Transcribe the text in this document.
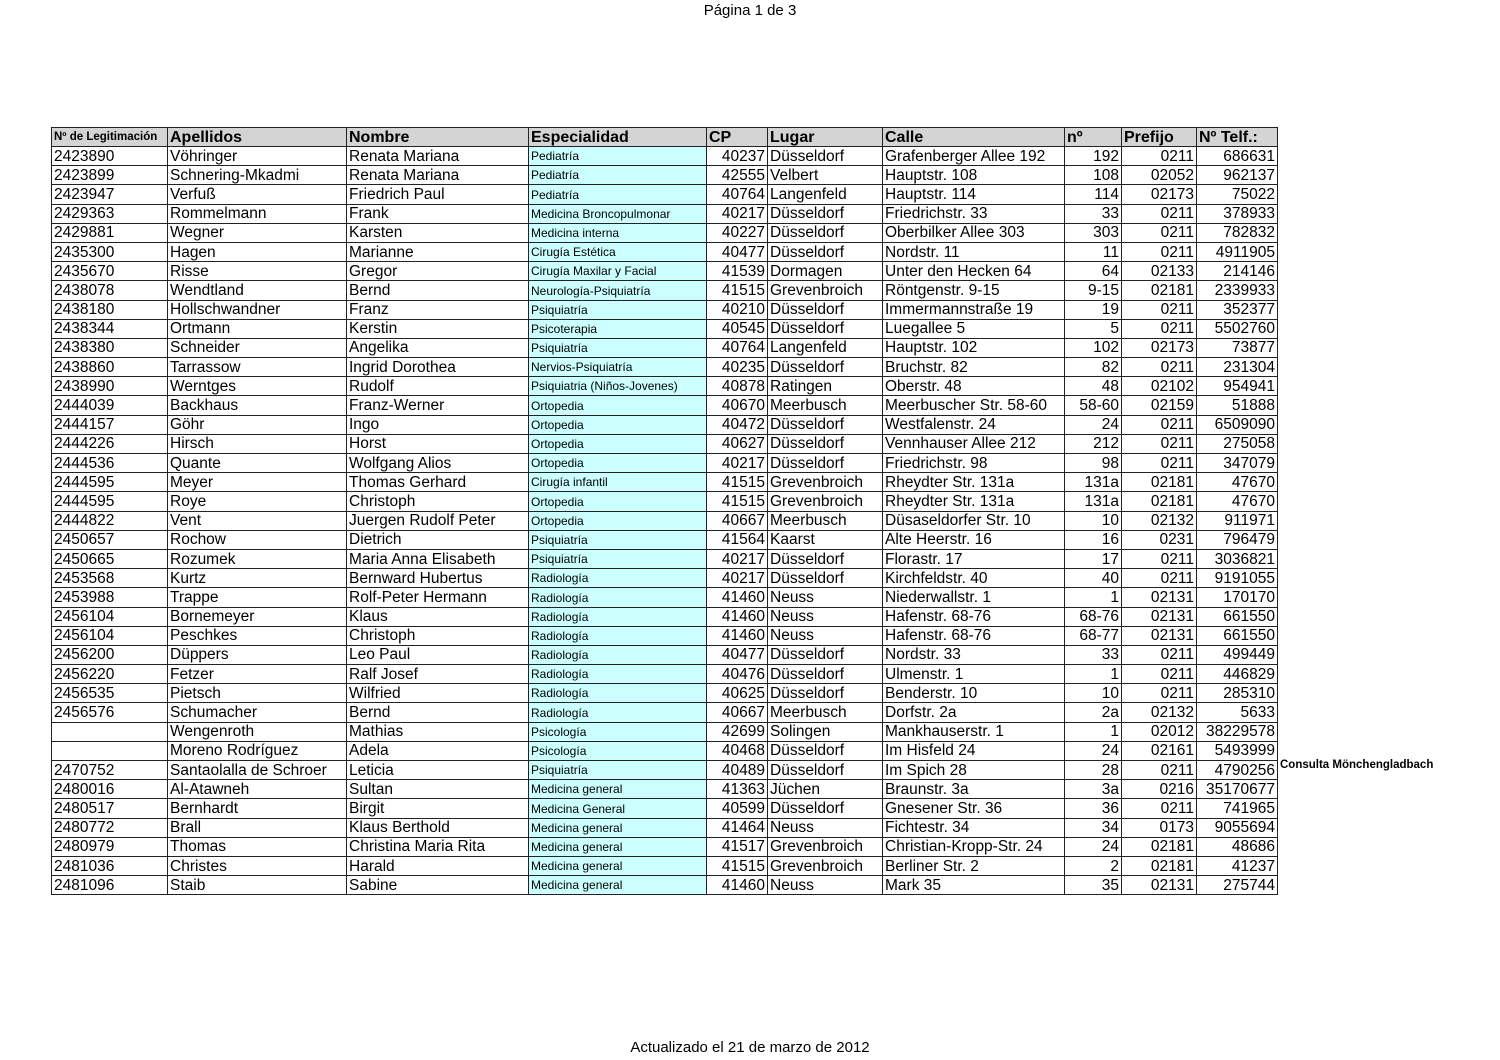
Página 1 de 3
Nº de Legitimación	Apellidos	Nombre	Especialidad	CP	Lugar	Calle	nº	Prefijo	Nº Telf.:
2423890	Vöhringer	Renata Mariana	Pediatría	40237	Düsseldorf	Grafenberger Allee 192	192	0211	686631
2423899	Schnering-Mkadmi	Renata Mariana	Pediatría	42555	Velbert	Hauptstr. 108	108	02052	962137
2423947	Verfuß	Friedrich Paul	Pediatría	40764	Langenfeld	Hauptstr. 114	114	02173	75022
2429363	Rommelmann	Frank	Medicina Broncopulmonar	40217	Düsseldorf	Friedrichstr. 33	33	0211	378933
2429881	Wegner	Karsten	Medicina interna	40227	Düsseldorf	Oberbilker Allee 303	303	0211	782832
2435300	Hagen	Marianne	Cirugía Estética	40477	Düsseldorf	Nordstr. 11	11	0211	4911905
2435670	Risse	Gregor	Cirugía Maxilar y Facial	41539	Dormagen	Unter den Hecken 64	64	02133	214146
2438078	Wendtland	Bernd	Neurología-Psiquiatría	41515	Grevenbroich	Röntgenstr. 9-15	9-15	02181	2339933
2438180	Hollschwandner	Franz	Psiquiatría	40210	Düsseldorf	Immermannstraße 19	19	0211	352377
2438344	Ortmann	Kerstin	Psicoterapia	40545	Düsseldorf	Luegallee 5	5	0211	5502760
2438380	Schneider	Angelika	Psiquiatría	40764	Langenfeld	Hauptstr. 102	102	02173	73877
2438860	Tarrassow	Ingrid Dorothea	Nervios-Psiquiatría	40235	Düsseldorf	Bruchstr. 82	82	0211	231304
2438990	Werntges	Rudolf	Psiquiatria (Niños-Jovenes)	40878	Ratingen	Oberstr. 48	48	02102	954941
2444039	Backhaus	Franz-Werner	Ortopedia	40670	Meerbusch	Meerbuscher Str. 58-60	58-60	02159	51888
2444157	Göhr	Ingo	Ortopedia	40472	Düsseldorf	Westfalenstr. 24	24	0211	6509090
2444226	Hirsch	Horst	Ortopedia	40627	Düsseldorf	Vennhauser Allee 212	212	0211	275058
2444536	Quante	Wolfgang Alios	Ortopedia	40217	Düsseldorf	Friedrichstr. 98	98	0211	347079
2444595	Meyer	Thomas Gerhard	Cirugía infantil	41515	Grevenbroich	Rheydter Str. 131a	131a	02181	47670
2444595	Roye	Christoph	Ortopedia	41515	Grevenbroich	Rheydter Str. 131a	131a	02181	47670
2444822	Vent	Juergen Rudolf Peter	Ortopedia	40667	Meerbusch	Düsaseldorfer Str. 10	10	02132	911971
2450657	Rochow	Dietrich	Psiquiatría	41564	Kaarst	Alte Heerstr. 16	16	0231	796479
2450665	Rozumek	Maria Anna Elisabeth	Psiquiatría	40217	Düsseldorf	Florastr. 17	17	0211	3036821
2453568	Kurtz	Bernward Hubertus	Radiología	40217	Düsseldorf	Kirchfeldstr. 40	40	0211	9191055
2453988	Trappe	Rolf-Peter Hermann	Radiología	41460	Neuss	Niederwallstr. 1	1	02131	170170
2456104	Bornemeyer	Klaus	Radiología	41460	Neuss	Hafenstr. 68-76	68-76	02131	661550
2456104	Peschkes	Christoph	Radiología	41460	Neuss	Hafenstr. 68-76	68-77	02131	661550
2456200	Düppers	Leo Paul	Radiología	40477	Düsseldorf	Nordstr. 33	33	0211	499449
2456220	Fetzer	Ralf Josef	Radiología	40476	Düsseldorf	Ulmenstr. 1	1	0211	446829
2456535	Pietsch	Wilfried	Radiología	40625	Düsseldorf	Benderstr. 10	10	0211	285310
2456576	Schumacher	Bernd	Radiología	40667	Meerbusch	Dorfstr. 2a	2a	02132	5633
	Wengenroth	Mathias	Psicología	42699	Solingen	Mankhauserstr. 1	1	02012	38229578
	Moreno Rodríguez	Adela	Psicología	40468	Düsseldorf	Im Hisfeld 24	24	02161	5493999
2470752	Santaolalla de Schroer	Leticia	Psiquiatría	40489	Düsseldorf	Im Spich 28	28	0211	4790256
2480016	Al-Atawneh	Sultan	Medicina general	41363	Jüchen	Braunstr. 3a	3a	0216	35170677
2480517	Bernhardt	Birgit	Medicina General	40599	Düsseldorf	Gnesener Str. 36	36	0211	741965
2480772	Brall	Klaus Berthold	Medicina general	41464	Neuss	Fichtestr. 34	34	0173	9055694
2480979	Thomas	Christina Maria Rita	Medicina general	41517	Grevenbroich	Christian-Kropp-Str. 24	24	02181	48686
2481036	Christes	Harald	Medicina general	41515	Grevenbroich	Berliner Str. 2	2	02181	41237
2481096	Staib	Sabine	Medicina general	41460	Neuss	Mark 35	35	02131	275744
Consulta Mönchengladbach
Actualizado el 21 de marzo de 2012
